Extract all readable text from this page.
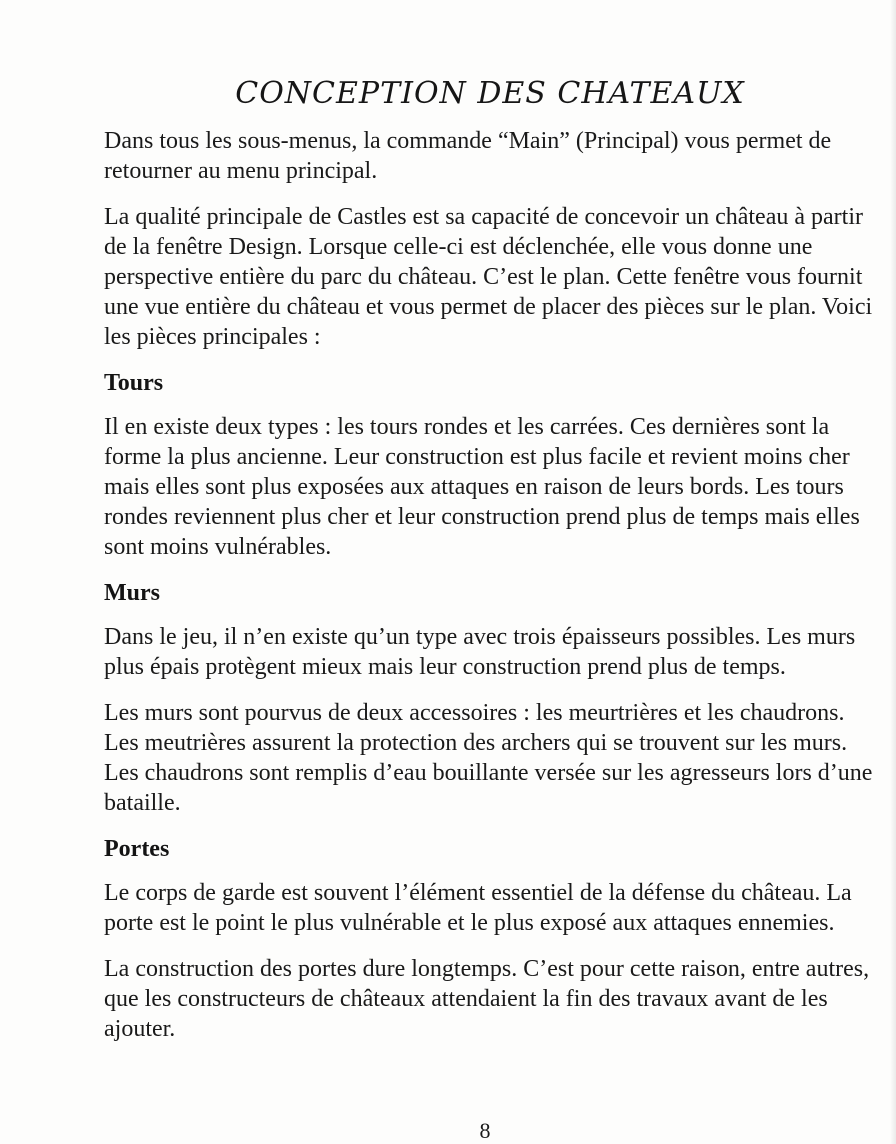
CONCEPTION DES CHATEAUX

Dans tous les sous-menus, la commande “Main” (Principal) vous permet de retourner au menu principal.

La qualité principale de Castles est sa capacité de concevoir un château à partir de la fenêtre Design. Lorsque celle-ci est déclenchée, elle vous donne une perspective entière du parc du château. C’est le plan. Cette fenêtre vous fournit une vue entière du château et vous permet de placer des pièces sur le plan. Voici les pièces principales :

Tours

Il en existe deux types : les tours rondes et les carrées. Ces dernières sont la forme la plus ancienne. Leur construction est plus facile et revient moins cher mais elles sont plus exposées aux attaques en raison de leurs bords. Les tours rondes reviennent plus cher et leur construction prend plus de temps mais elles sont moins vulnérables.

Murs

Dans le jeu, il n’en existe qu’un type avec trois épaisseurs possibles. Les murs plus épais protègent mieux mais leur construction prend plus de temps.

Les murs sont pourvus de deux accessoires : les meurtrières et les chaudrons. Les meutrières assurent la protection des archers qui se trouvent sur les murs. Les chaudrons sont remplis d’eau bouillante versée sur les agresseurs lors d’une bataille.

Portes

Le corps de garde est souvent l’élément essentiel de la défense du château. La porte est le point le plus vulnérable et le plus exposé aux attaques ennemies.

La construction des portes dure longtemps. C’est pour cette raison, entre autres, que les constructeurs de châteaux attendaient la fin des travaux avant de les ajouter.

8
